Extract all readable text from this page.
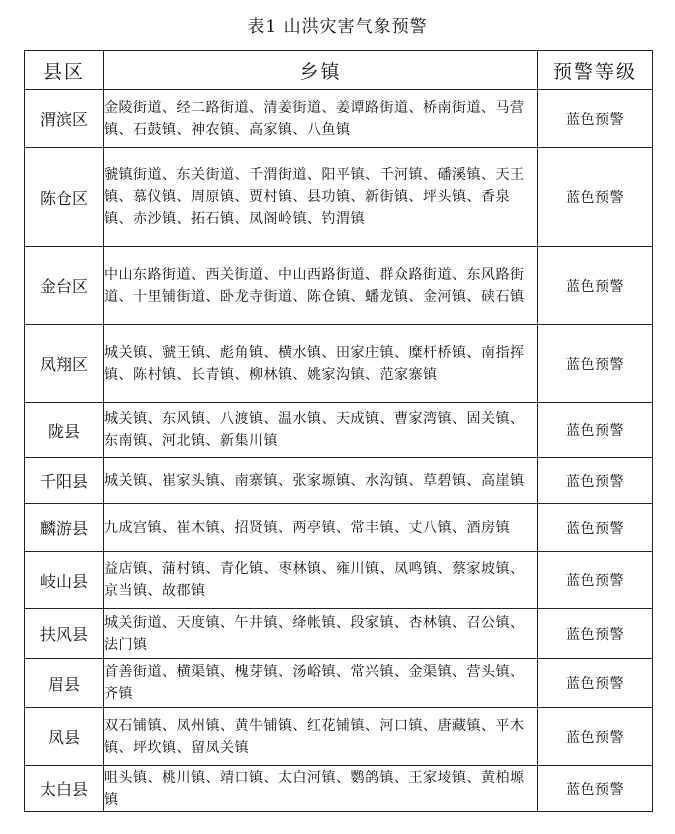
表1 山洪灾害气象预警
县区	乡镇	预警等级
渭滨区	金陵街道、经二路街道、清姜街道、姜谭路街道、桥南街道、马营镇、石鼓镇、神农镇、高家镇、八鱼镇	蓝色预警
陈仓区	虢镇街道、东关街道、千渭街道、阳平镇、千河镇、磻溪镇、天王镇、慕仪镇、周原镇、贾村镇、县功镇、新街镇、坪头镇、香泉镇、赤沙镇、拓石镇、凤阁岭镇、钓渭镇	蓝色预警
金台区	中山东路街道、西关街道、中山西路街道、群众路街道、东风路街道、十里铺街道、卧龙寺街道、陈仓镇、蟠龙镇、金河镇、硖石镇	蓝色预警
凤翔区	城关镇、虢王镇、彪角镇、横水镇、田家庄镇、糜杆桥镇、南指挥镇、陈村镇、长青镇、柳林镇、姚家沟镇、范家寨镇	蓝色预警
陇县	城关镇、东风镇、八渡镇、温水镇、天成镇、曹家湾镇、固关镇、东南镇、河北镇、新集川镇	蓝色预警
千阳县	城关镇、崔家头镇、南寨镇、张家塬镇、水沟镇、草碧镇、高崖镇	蓝色预警
麟游县	九成宫镇、崔木镇、招贤镇、两亭镇、常丰镇、丈八镇、酒房镇	蓝色预警
岐山县	益店镇、蒲村镇、青化镇、枣林镇、雍川镇、凤鸣镇、蔡家坡镇、京当镇、故郡镇	蓝色预警
扶风县	城关街道、天度镇、午井镇、绛帐镇、段家镇、杏林镇、召公镇、法门镇	蓝色预警
眉县	首善街道、横渠镇、槐芽镇、汤峪镇、常兴镇、金渠镇、营头镇、齐镇	蓝色预警
凤县	双石铺镇、凤州镇、黄牛铺镇、红花铺镇、河口镇、唐藏镇、平木镇、坪坎镇、留凤关镇	蓝色预警
太白县	咀头镇、桃川镇、靖口镇、太白河镇、鹦鸽镇、王家堎镇、黄柏塬镇	蓝色预警
